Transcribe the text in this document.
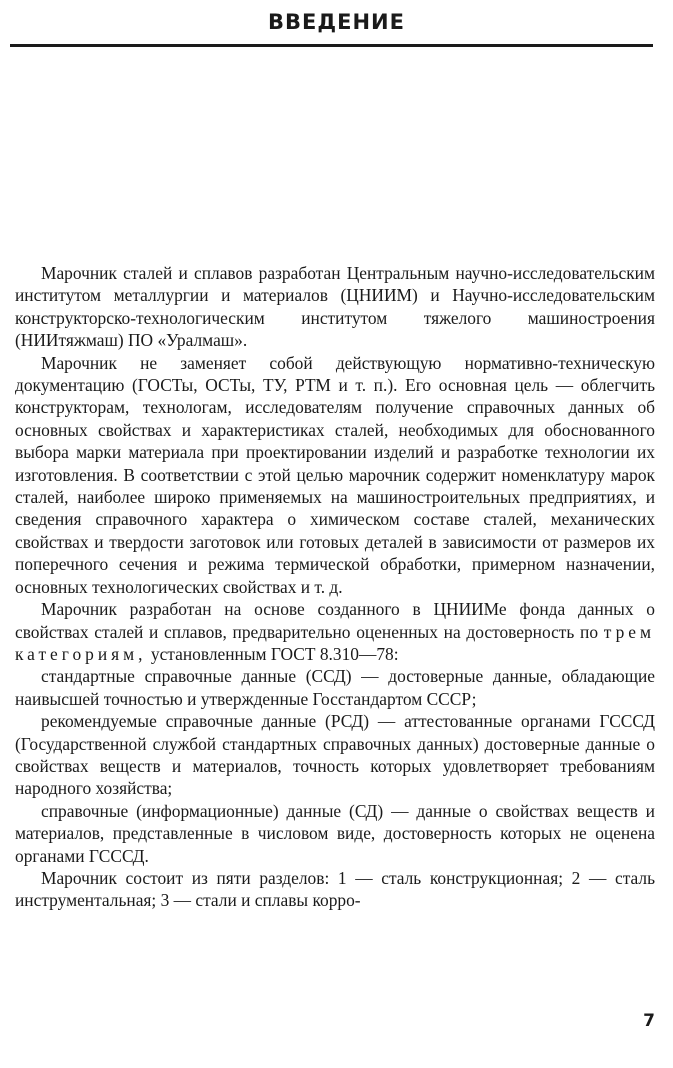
ВВЕДЕНИЕ

Марочник сталей и сплавов разработан Центральным научно-исследовательским институтом металлургии и материалов (ЦНИИМ) и Научно-исследовательским конструкторско-технологическим институтом тяжелого машиностроения (НИИтяжмаш) ПО «Уралмаш».

Марочник не заменяет собой действующую нормативно-техническую документацию (ГОСТы, ОСТы, ТУ, РТМ и т. п.). Его основная цель — облегчить конструкторам, технологам, исследователям получение справочных данных об основных свойствах и характеристиках сталей, необходимых для обоснованного выбора марки материала при проектировании изделий и разработке технологии их изготовления. В соответствии с этой целью марочник содержит номенклатуру марок сталей, наиболее широко применяемых на машиностроительных предприятиях, и сведения справочного характера о химическом составе сталей, механических свойствах и твердости заготовок или готовых деталей в зависимости от размеров их поперечного сечения и режима термической обработки, примерном назначении, основных технологических свойствах и т. д.

Марочник разработан на основе созданного в ЦНИИМе фонда данных о свойствах сталей и сплавов, предварительно оцененных на достоверность по трем категориям, установленным ГОСТ 8.310—78:

стандартные справочные данные (ССД) — достоверные данные, обладающие наивысшей точностью и утвержденные Госстандартом СССР;

рекомендуемые справочные данные (РСД) — аттестованные органами ГСССД (Государственной службой стандартных справочных данных) достоверные данные о свойствах веществ и материалов, точность которых удовлетворяет требованиям народного хозяйства;

справочные (информационные) данные (СД) — данные о свойствах веществ и материалов, представленные в числовом виде, достоверность которых не оценена органами ГСССД.

Марочник состоит из пяти разделов: 1 — сталь конструкционная; 2 — сталь инструментальная; 3 — стали и сплавы корро-

7
